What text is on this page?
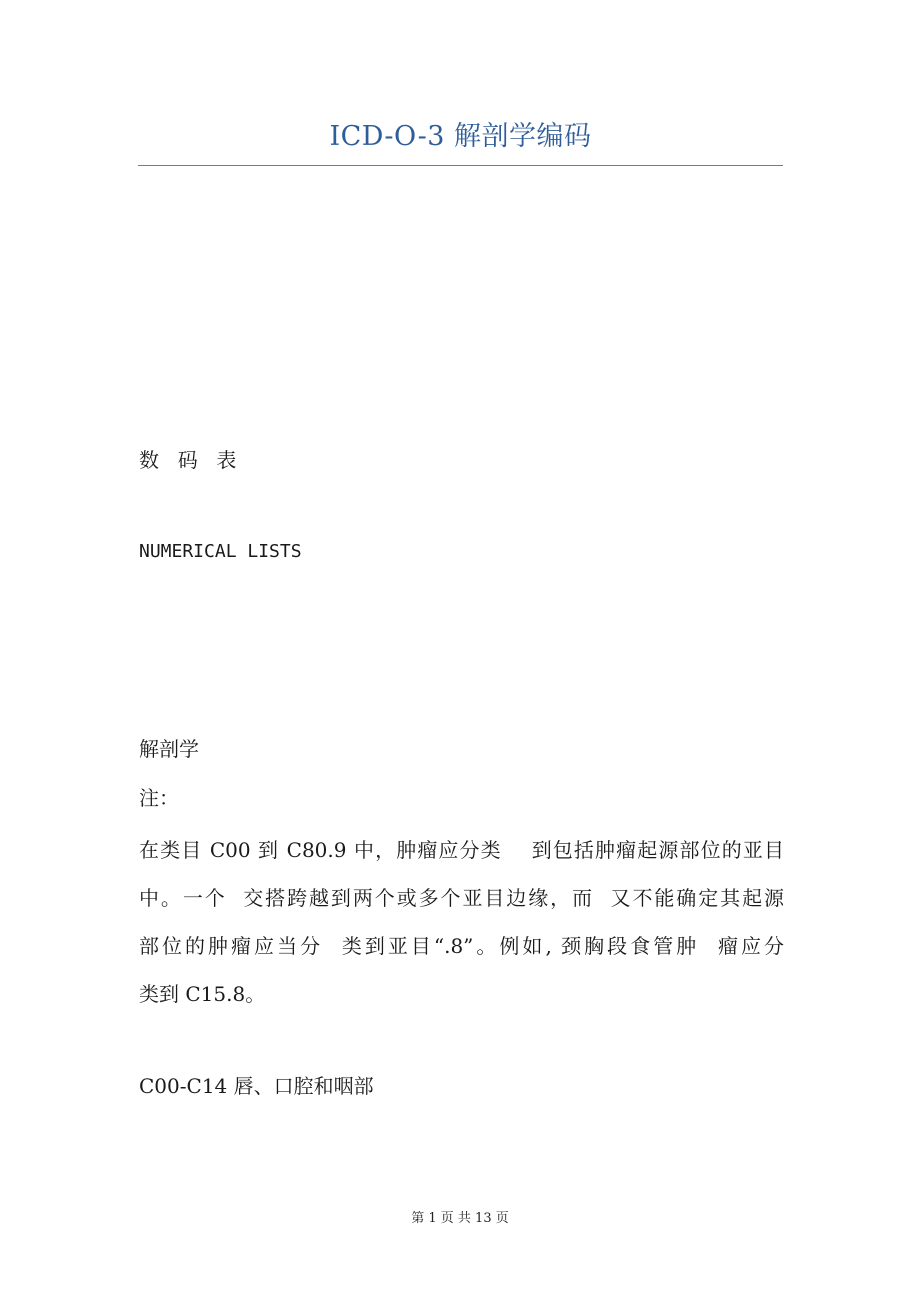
ICD-O-3 解剖学编码
数  码  表
NUMERICAL LISTS
解剖学
注：
在类目 C00 到 C80.9 中，肿瘤应分类    到包括肿瘤起源部位的亚目
中。一个  交搭跨越到两个或多个亚目边缘，而  又不能确定其起源
部位的肿瘤应当分  类到亚目“.8”。例如, 颈胸段食管肿  瘤应分
类到 C15.8。
C00-C14 唇、口腔和咽部
第 1 页 共 13 页
